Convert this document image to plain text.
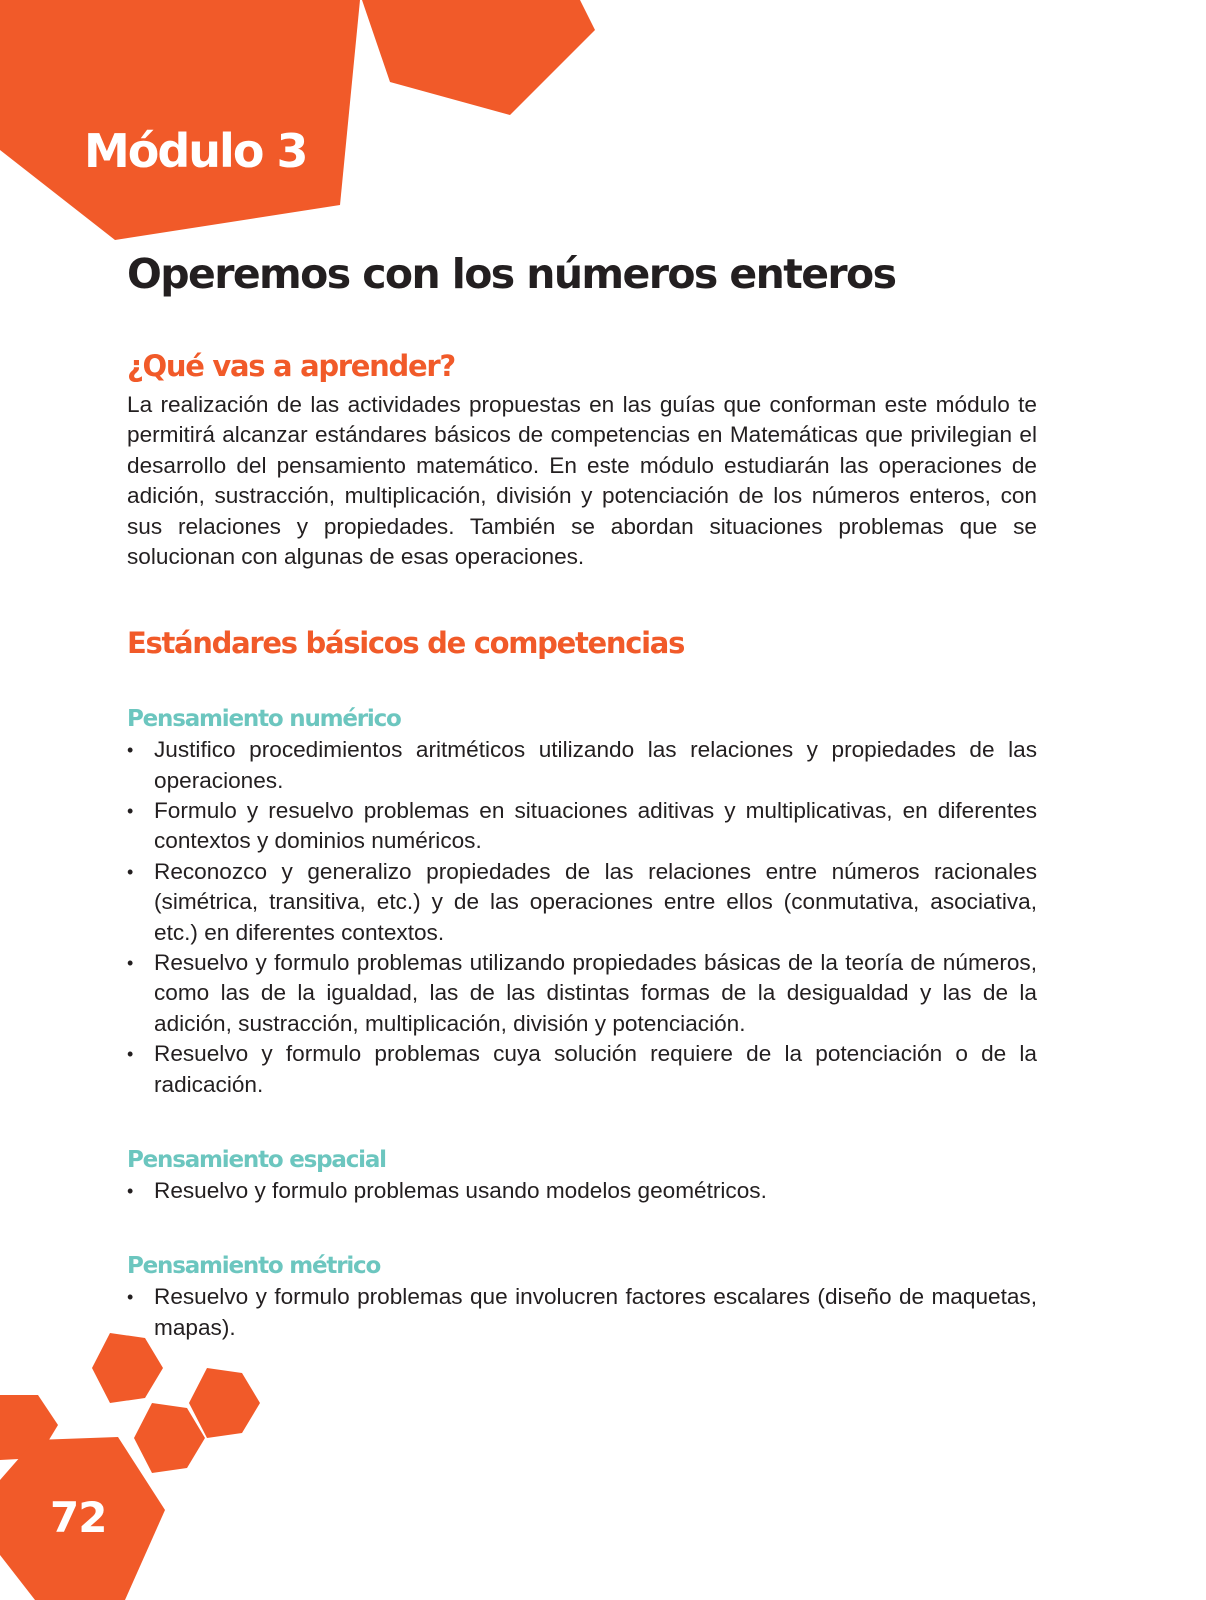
Módulo 3
72
Operemos con los números enteros
¿Qué vas a aprender?

La realización de las actividades propuestas en las guías que conforman este módulo te permitirá alcanzar estándares básicos de competencias en Matemáticas que privilegian el desarrollo del pensamiento matemático. En este módulo estudiarán las operaciones de adición, sustracción, multiplicación, división y potenciación de los números enteros, con sus relaciones y propiedades. También se abordan situaciones problemas que se solucionan con algunas de esas operaciones.

Estándares básicos de competencias
Pensamiento numérico
• Justifico procedimientos aritméticos utilizando las relaciones y propiedades de las operaciones.
• Formulo y resuelvo problemas en situaciones aditivas y multiplicativas, en diferentes contextos y dominios numéricos.
• Reconozco y generalizo propiedades de las relaciones entre números racionales (simétrica, transitiva, etc.) y de las operaciones entre ellos (conmutativa, asociativa, etc.) en diferentes contextos.
• Resuelvo y formulo problemas utilizando propiedades básicas de la teoría de números, como las de la igualdad, las de las distintas formas de la desigualdad y las de la adición, sustracción, multiplicación, división y potenciación.
• Resuelvo y formulo problemas cuya solución requiere de la potenciación o de la radicación.
Pensamiento espacial
• Resuelvo y formulo problemas usando modelos geométricos.
Pensamiento métrico
• Resuelvo y formulo problemas que involucren factores escalares (diseño de maquetas, mapas).
